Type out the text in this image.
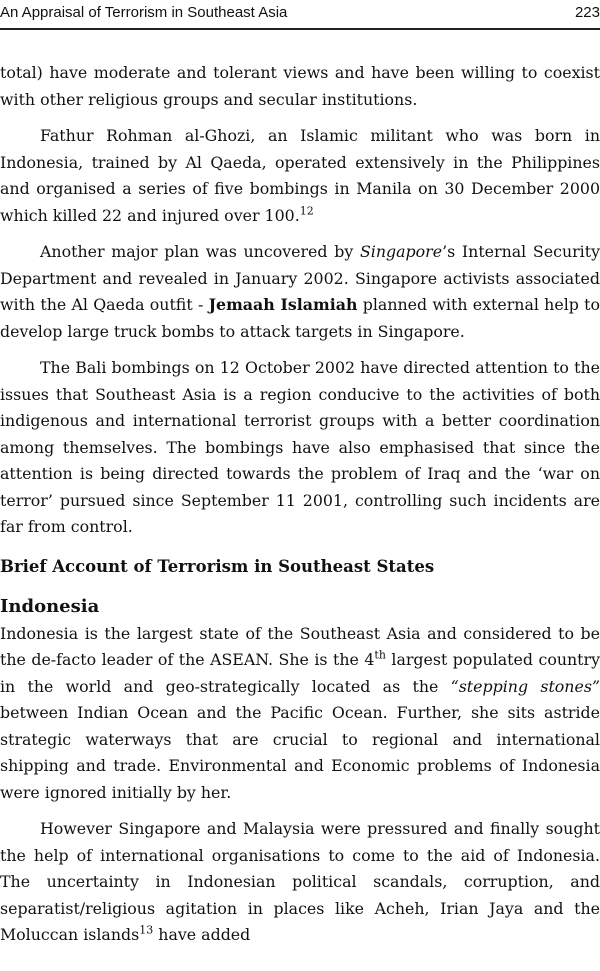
An Appraisal of Terrorism in Southeast Asia	223

total) have moderate and tolerant views and have been willing to coexist with other religious groups and secular institutions.

Fathur Rohman al-Ghozi, an Islamic militant who was born in Indonesia, trained by Al Qaeda, operated extensively in the Philippines and organised a series of five bombings in Manila on 30 December 2000 which killed 22 and injured over 100.12

Another major plan was uncovered by Singapore’s Internal Security Department and revealed in January 2002. Singapore activists associated with the Al Qaeda outfit - Jemaah Islamiah planned with external help to develop large truck bombs to attack targets in Singapore.

The Bali bombings on 12 October 2002 have directed attention to the issues that Southeast Asia is a region conducive to the activities of both indigenous and international terrorist groups with a better coordination among themselves. The bombings have also emphasised that since the attention is being directed towards the problem of Iraq and the ‘war on terror’ pursued since September 11 2001, controlling such incidents are far from control.

Brief Account of Terrorism in Southeast States

Indonesia

Indonesia is the largest state of the Southeast Asia and considered to be the de-facto leader of the ASEAN. She is the 4th largest populated country in the world and geo-strategically located as the “stepping stones” between Indian Ocean and the Pacific Ocean. Further, she sits astride strategic waterways that are crucial to regional and international shipping and trade. Environmental and Economic problems of Indonesia were ignored initially by her.

However Singapore and Malaysia were pressured and finally sought the help of international organisations to come to the aid of Indonesia. The uncertainty in Indonesian political scandals, corruption, and separatist/religious agitation in places like Acheh, Irian Jaya and the Moluccan islands$^{13}$ have added
